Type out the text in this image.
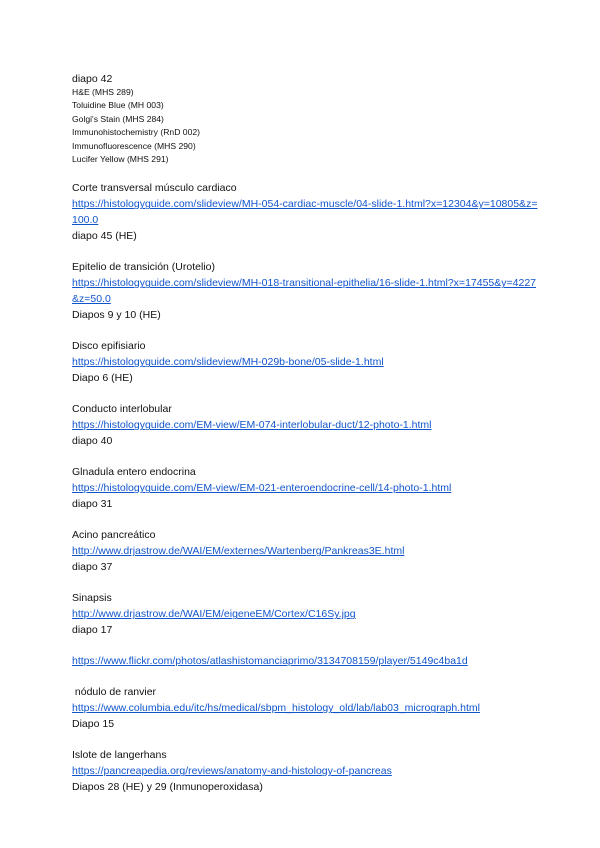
diapo 42

H&E (MHS 289)

Toluidine Blue (MH 003)

Golgi's Stain (MHS 284)

Immunohistochemistry (RnD 002)

Immunofluorescence (MHS 290)

Lucifer Yellow (MHS 291)

Corte transversal músculo cardiaco

https://histologyguide.com/slideview/MH-054-cardiac-muscle/04-slide-1.html?x=12304&y=10805&z=100.0

diapo 45 (HE)

Epitelio de transición (Urotelio)

https://histologyguide.com/slideview/MH-018-transitional-epithelia/16-slide-1.html?x=17455&y=4227&z=50.0

Diapos 9 y 10 (HE)

Disco epifisiario

https://histologyguide.com/slideview/MH-029b-bone/05-slide-1.html

Diapo 6 (HE)

Conducto interlobular

https://histologyguide.com/EM-view/EM-074-interlobular-duct/12-photo-1.html

diapo 40

Glnadula entero endocrina

https://histologyguide.com/EM-view/EM-021-enteroendocrine-cell/14-photo-1.html

diapo 31

Acino pancreático

http://www.drjastrow.de/WAI/EM/externes/Wartenberg/Pankreas3E.html

diapo 37

Sinapsis

http://www.drjastrow.de/WAI/EM/eigeneEM/Cortex/C16Sy.jpg

diapo 17

https://www.flickr.com/photos/atlashistomanciaprimo/3134708159/player/5149c4ba1d

nódulo de ranvier

https://www.columbia.edu/itc/hs/medical/sbpm_histology_old/lab/lab03_micrograph.html

Diapo 15

Islote de langerhans

https://pancreapedia.org/reviews/anatomy-and-histology-of-pancreas

Diapos 28 (HE) y 29 (Inmunoperoxidasa)
